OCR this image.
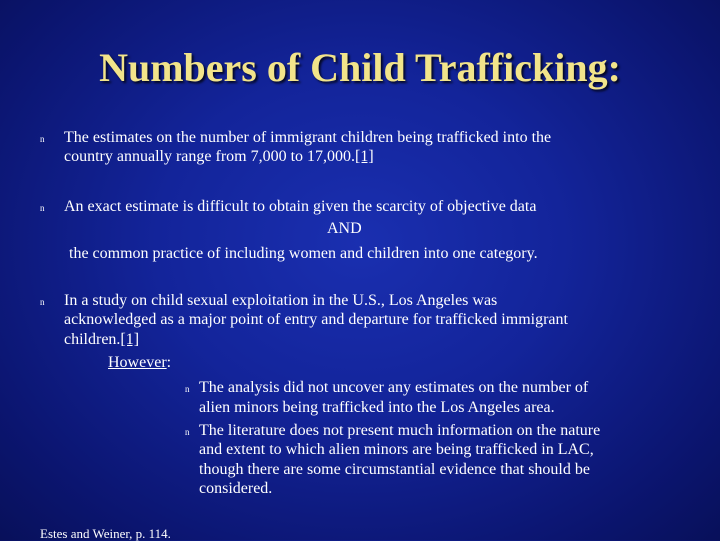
Numbers of Child Trafficking:
n The estimates on the number of immigrant children being trafficked into the
country annually range from 7,000 to 17,000.[1]
n An exact estimate is difficult to obtain given the scarcity of objective data
AND
the common practice of including women and children into one category.
n In a study on child sexual exploitation in the U.S., Los Angeles was
acknowledged as a major point of entry and departure for trafficked immigrant
children.[1]
However:
n The analysis did not uncover any estimates on the number of
alien minors being trafficked into the Los Angeles area.
n The literature does not present much information on the nature
and extent to which alien minors are being trafficked in LAC,
though there are some circumstantial evidence that should be
considered.
Estes and Weiner, p. 114.
